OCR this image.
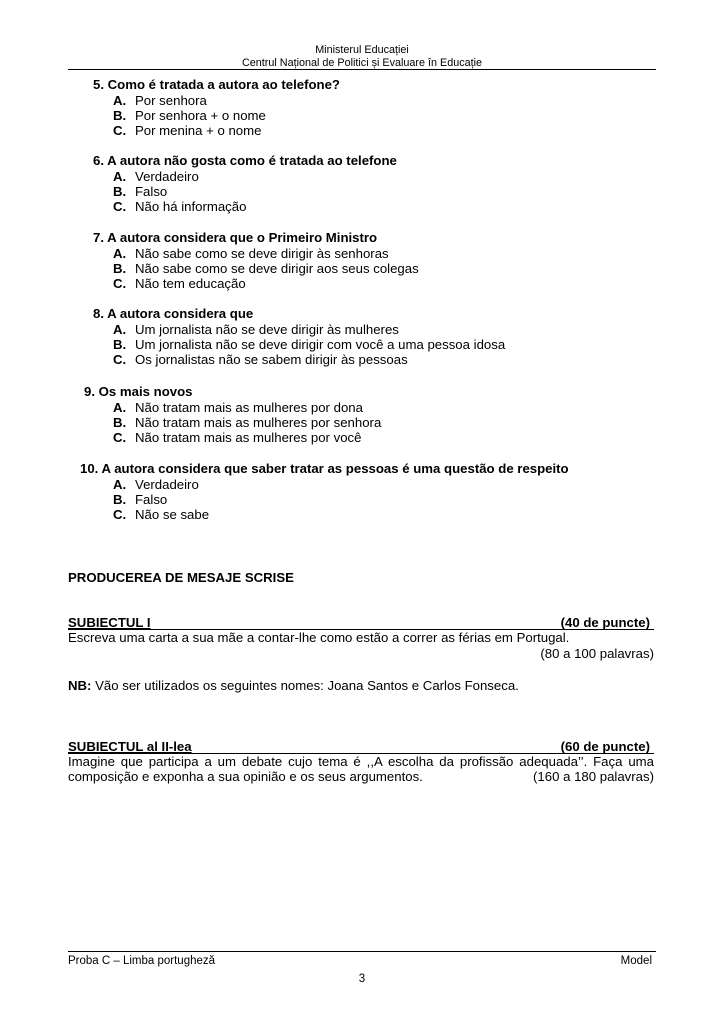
Ministerul Educației
Centrul Național de Politici și Evaluare în Educație
5. Como é tratada a autora ao telefone?
A. Por senhora
B. Por senhora + o nome
C. Por menina + o nome
6. A autora não gosta como é tratada ao telefone
A. Verdadeiro
B. Falso
C. Não há informação
7. A autora considera que o Primeiro Ministro
A. Não sabe como se deve dirigir às senhoras
B. Não sabe como se deve dirigir aos seus colegas
C. Não tem educação
8. A autora considera que
A. Um jornalista não se deve dirigir às mulheres
B. Um jornalista não se deve dirigir com você a uma pessoa idosa
C. Os jornalistas não se sabem dirigir às pessoas
9. Os mais novos
A. Não tratam mais as mulheres por dona
B. Não tratam mais as mulheres por senhora
C. Não tratam mais as mulheres por você
10. A autora considera que saber tratar as pessoas é uma questão de respeito
A. Verdadeiro
B. Falso
C. Não se sabe
PRODUCEREA DE MESAJE SCRISE
SUBIECTUL I	(40 de puncte)
Escreva uma carta a sua mãe a contar-lhe como estão a correr as férias em Portugal.
(80 a 100 palavras)
NB: Vão ser utilizados os seguintes nomes: Joana Santos e Carlos Fonseca.
SUBIECTUL al II-lea	(60 de puncte)
Imagine que participa a um debate cujo tema é ,,A escolha da profissão adequada’’. Faça uma
composição e exponha a sua opinião e os seus argumentos.	(160 a 180 palavras)
Proba C – Limba portugheză	Model
3
